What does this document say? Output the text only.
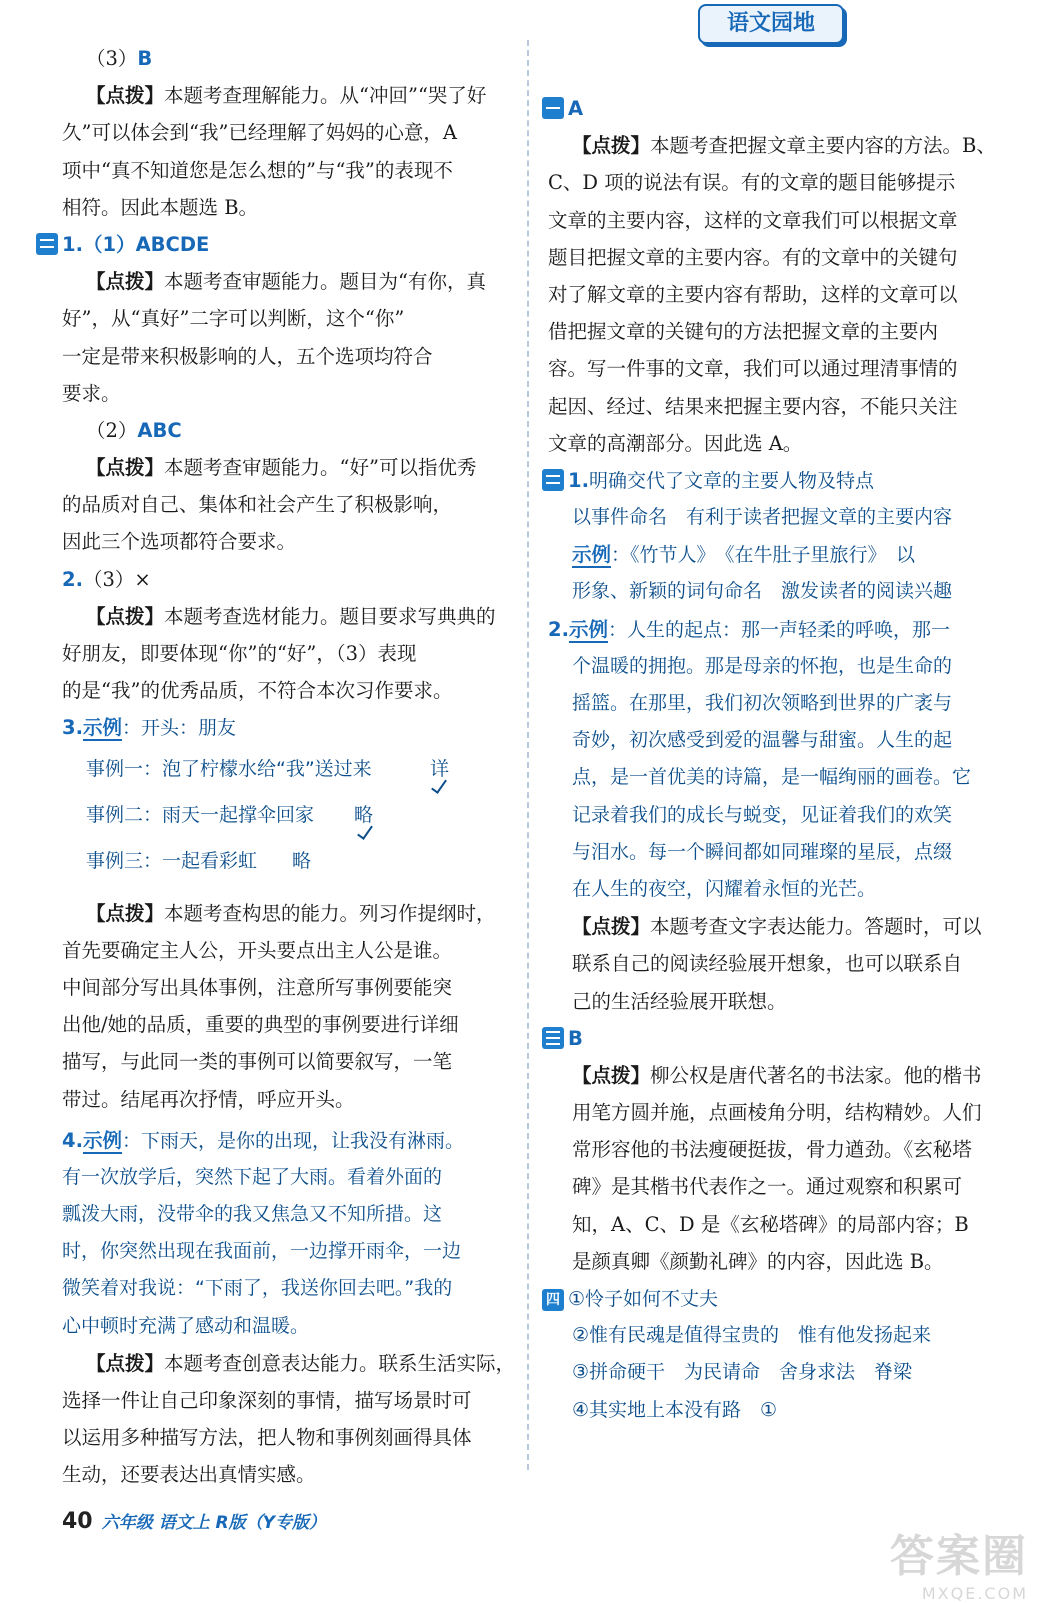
（3）B

【点拨】本题考查理解能力。从“冲回”“哭了好

久”可以体会到“我”已经理解了妈妈的心意，A

项中“真不知道您是怎么想的”与“我”的表现不

相符。因此本题选 B。

1.（1）ABCDE

【点拨】本题考查审题能力。题目为“有你，真

好”，从“真好”二字可以判断，这个“你”

一定是带来积极影响的人，五个选项均符合

要求。

（2）ABC

【点拨】本题考查审题能力。“好”可以指优秀

的品质对自己、集体和社会产生了积极影响，

因此三个选项都符合要求。

2.（3）×

【点拨】本题考查选材能力。题目要求写典典的

好朋友，即要体现“你”的“好”，（3）表现

的是“我”的优秀品质，不符合本次习作要求。

3.示例：开头：朋友

事例一：泡了柠檬水给“我”送过来	详
事例二：雨天一起撑伞回家 略
事例三：一起看彩虹 略

【点拨】本题考查构思的能力。列习作提纲时，

首先要确定主人公，开头要点出主人公是谁。

中间部分写出具体事例，注意所写事例要能突

出他/她的品质，重要的典型的事例要进行详细

描写，与此同一类的事例可以简要叙写，一笔

带过。结尾再次抒情，呼应开头。

4.示例：下雨天，是你的出现，让我没有淋雨。

有一次放学后，突然下起了大雨。看着外面的

瓢泼大雨，没带伞的我又焦急又不知所措。这

时，你突然出现在我面前，一边撑开雨伞，一边

微笑着对我说：“下雨了，我送你回去吧。”我的

心中顿时充满了感动和温暖。

【点拨】本题考查创意表达能力。联系生活实际，

选择一件让自己印象深刻的事情，描写场景时可

以运用多种描写方法，把人物和事例刻画得具体

生动，还要表达出真情实感。

语文园地

A

【点拨】本题考查把握文章主要内容的方法。B、

C、D 项的说法有误。有的文章的题目能够提示

文章的主要内容，这样的文章我们可以根据文章

题目把握文章的主要内容。有的文章中的关键句

对了解文章的主要内容有帮助，这样的文章可以

借把握文章的关键句的方法把握文章的主要内

容。写一件事的文章，我们可以通过理清事情的

起因、经过、结果来把握主要内容，不能只关注

文章的高潮部分。因此选 A。

1.明确交代了文章的主要人物及特点

以事件命名　有利于读者把握文章的主要内容

示例：《竹节人》　《在牛肚子里旅行》　以

形象、新颖的词句命名　激发读者的阅读兴趣

2.示例：人生的起点：那一声轻柔的呼唤，那一

个温暖的拥抱。那是母亲的怀抱，也是生命的

摇篮。在那里，我们初次领略到世界的广袤与

奇妙，初次感受到爱的温馨与甜蜜。人生的起

点，是一首优美的诗篇，是一幅绚丽的画卷。它

记录着我们的成长与蜕变，见证着我们的欢笑

与泪水。每一个瞬间都如同璀璨的星辰，点缀

在人生的夜空，闪耀着永恒的光芒。

【点拨】本题考查文字表达能力。答题时，可以

联系自己的阅读经验展开想象，也可以联系自

己的生活经验展开联想。

B

【点拨】柳公权是唐代著名的书法家。他的楷书

用笔方圆并施，点画棱角分明，结构精妙。人们

常形容他的书法瘦硬挺拔，骨力遒劲。《玄秘塔

碑》是其楷书代表作之一。通过观察和积累可

知，A、C、D 是《玄秘塔碑》的局部内容；B

是颜真卿《颜勤礼碑》的内容，因此选 B。

四 ①怜子如何不丈夫

②惟有民魂是值得宝贵的　惟有他发扬起来

③拼命硬干　为民请命　舍身求法　脊梁

④其实地上本没有路　①

40 六年级 语文上 R版（Y专版）
答案圈
MXQE.COM
